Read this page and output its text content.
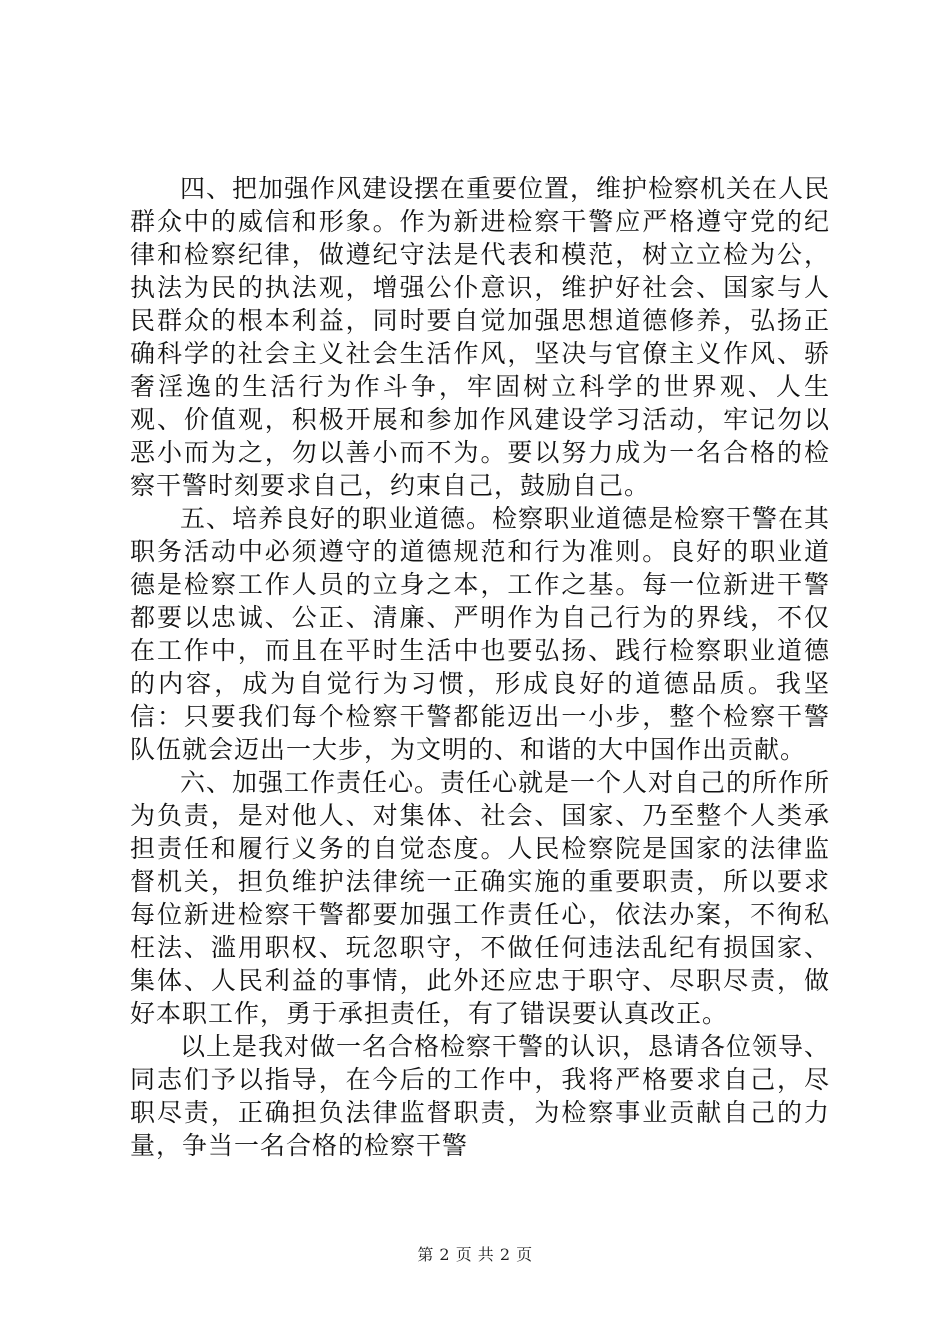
四、把加强作风建设摆在重要位置，维护检察机关在人民群众中的威信和形象。作为新进检察干警应严格遵守党的纪律和检察纪律，做遵纪守法是代表和模范，树立立检为公，执法为民的执法观，增强公仆意识，维护好社会、国家与人民群众的根本利益，同时要自觉加强思想道德修养，弘扬正确科学的社会主义社会生活作风，坚决与官僚主义作风、骄奢淫逸的生活行为作斗争，牢固树立科学的世界观、人生观、价值观，积极开展和参加作风建设学习活动，牢记勿以恶小而为之，勿以善小而不为。要以努力成为一名合格的检察干警时刻要求自己，约束自己，鼓励自己。

五、培养良好的职业道德。检察职业道德是检察干警在其职务活动中必须遵守的道德规范和行为准则。良好的职业道德是检察工作人员的立身之本，工作之基。每一位新进干警都要以忠诚、公正、清廉、严明作为自己行为的界线，不仅在工作中，而且在平时生活中也要弘扬、践行检察职业道德的内容，成为自觉行为习惯，形成良好的道德品质。我坚信：只要我们每个检察干警都能迈出一小步，整个检察干警队伍就会迈出一大步，为文明的、和谐的大中国作出贡献。

六、加强工作责任心。责任心就是一个人对自己的所作所为负责，是对他人、对集体、社会、国家、乃至整个人类承担责任和履行义务的自觉态度。人民检察院是国家的法律监督机关，担负维护法律统一正确实施的重要职责，所以要求每位新进检察干警都要加强工作责任心，依法办案，不徇私枉法、滥用职权、玩忽职守，不做任何违法乱纪有损国家、集体、人民利益的事情，此外还应忠于职守、尽职尽责，做好本职工作，勇于承担责任，有了错误要认真改正。

以上是我对做一名合格检察干警的认识，恳请各位领导、同志们予以指导，在今后的工作中，我将严格要求自己，尽职尽责，正确担负法律监督职责，为检察事业贡献自己的力量，争当一名合格的检察干警

第 2 页 共 2 页
